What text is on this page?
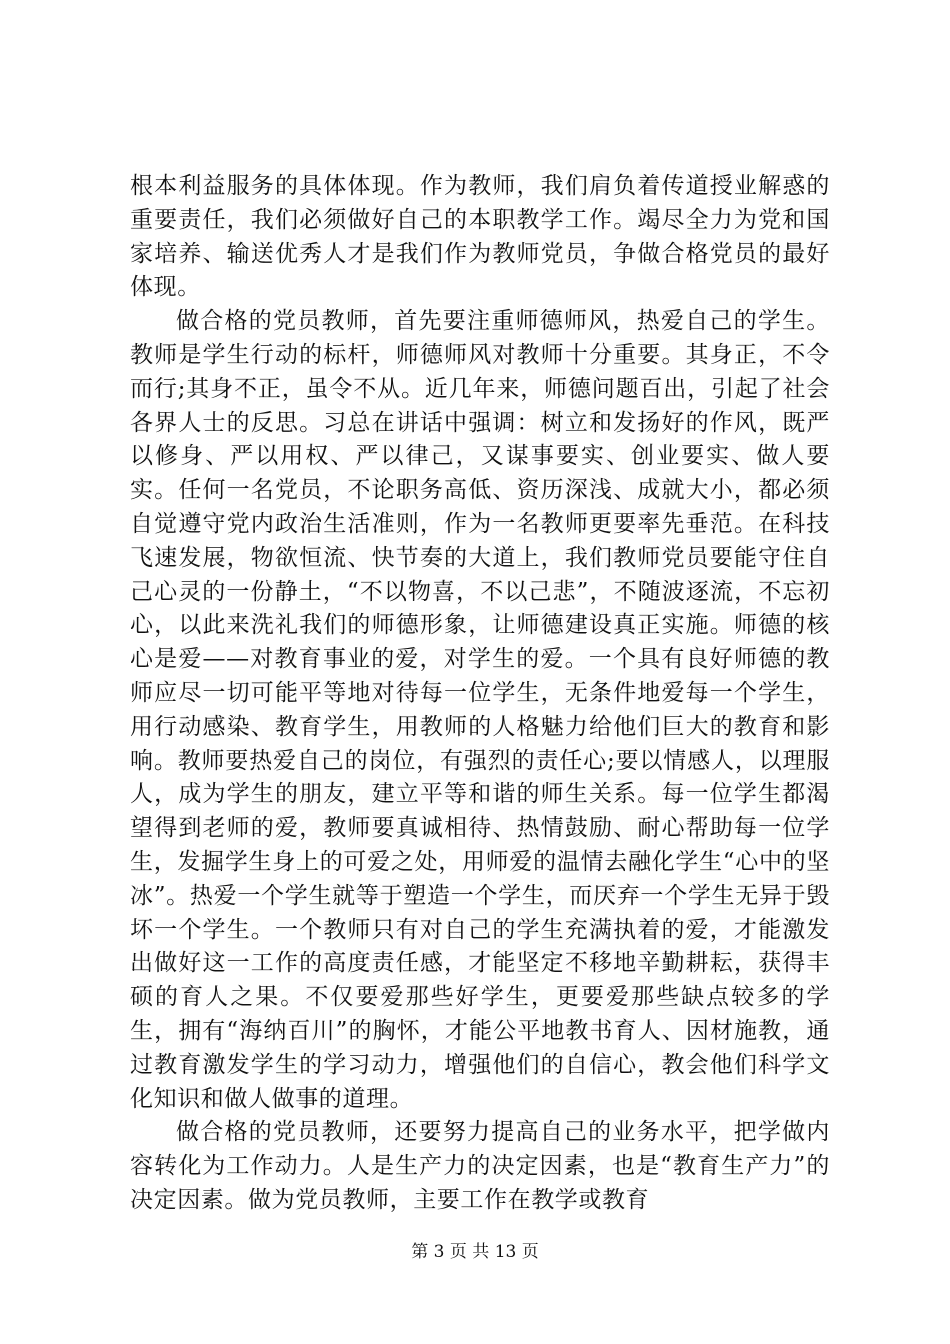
根本利益服务的具体体现。作为教师，我们肩负着传道授业解惑的重要责任，我们必须做好自己的本职教学工作。竭尽全力为党和国家培养、输送优秀人才是我们作为教师党员，争做合格党员的最好体现。

做合格的党员教师，首先要注重师德师风，热爱自己的学生。教师是学生行动的标杆，师德师风对教师十分重要。其身正，不令而行;其身不正，虽令不从。近几年来，师德问题百出，引起了社会各界人士的反思。习总在讲话中强调：树立和发扬好的作风，既严以修身、严以用权、严以律己，又谋事要实、创业要实、做人要实。任何一名党员，不论职务高低、资历深浅、成就大小，都必须自觉遵守党内政治生活准则，作为一名教师更要率先垂范。在科技飞速发展，物欲恒流、快节奏的大道上，我们教师党员要能守住自己心灵的一份静土，“不以物喜，不以己悲”，不随波逐流，不忘初心，以此来洗礼我们的师德形象，让师德建设真正实施。师德的核心是爱——对教育事业的爱，对学生的爱。一个具有良好师德的教师应尽一切可能平等地对待每一位学生，无条件地爱每一个学生，用行动感染、教育学生，用教师的人格魅力给他们巨大的教育和影响。教师要热爱自己的岗位，有强烈的责任心;要以情感人，以理服人，成为学生的朋友，建立平等和谐的师生关系。每一位学生都渴望得到老师的爱，教师要真诚相待、热情鼓励、耐心帮助每一位学生，发掘学生身上的可爱之处，用师爱的温情去融化学生“心中的坚冰”。热爱一个学生就等于塑造一个学生，而厌弃一个学生无异于毁坏一个学生。一个教师只有对自己的学生充满执着的爱，才能激发出做好这一工作的高度责任感，才能坚定不移地辛勤耕耘，获得丰硕的育人之果。不仅要爱那些好学生，更要爱那些缺点较多的学生，拥有“海纳百川”的胸怀，才能公平地教书育人、因材施教，通过教育激发学生的学习动力，增强他们的自信心，教会他们科学文化知识和做人做事的道理。

做合格的党员教师，还要努力提高自己的业务水平，把学做内容转化为工作动力。人是生产力的决定因素，也是“教育生产力”的决定因素。做为党员教师，主要工作在教学或教育

第 3 页 共 13 页
